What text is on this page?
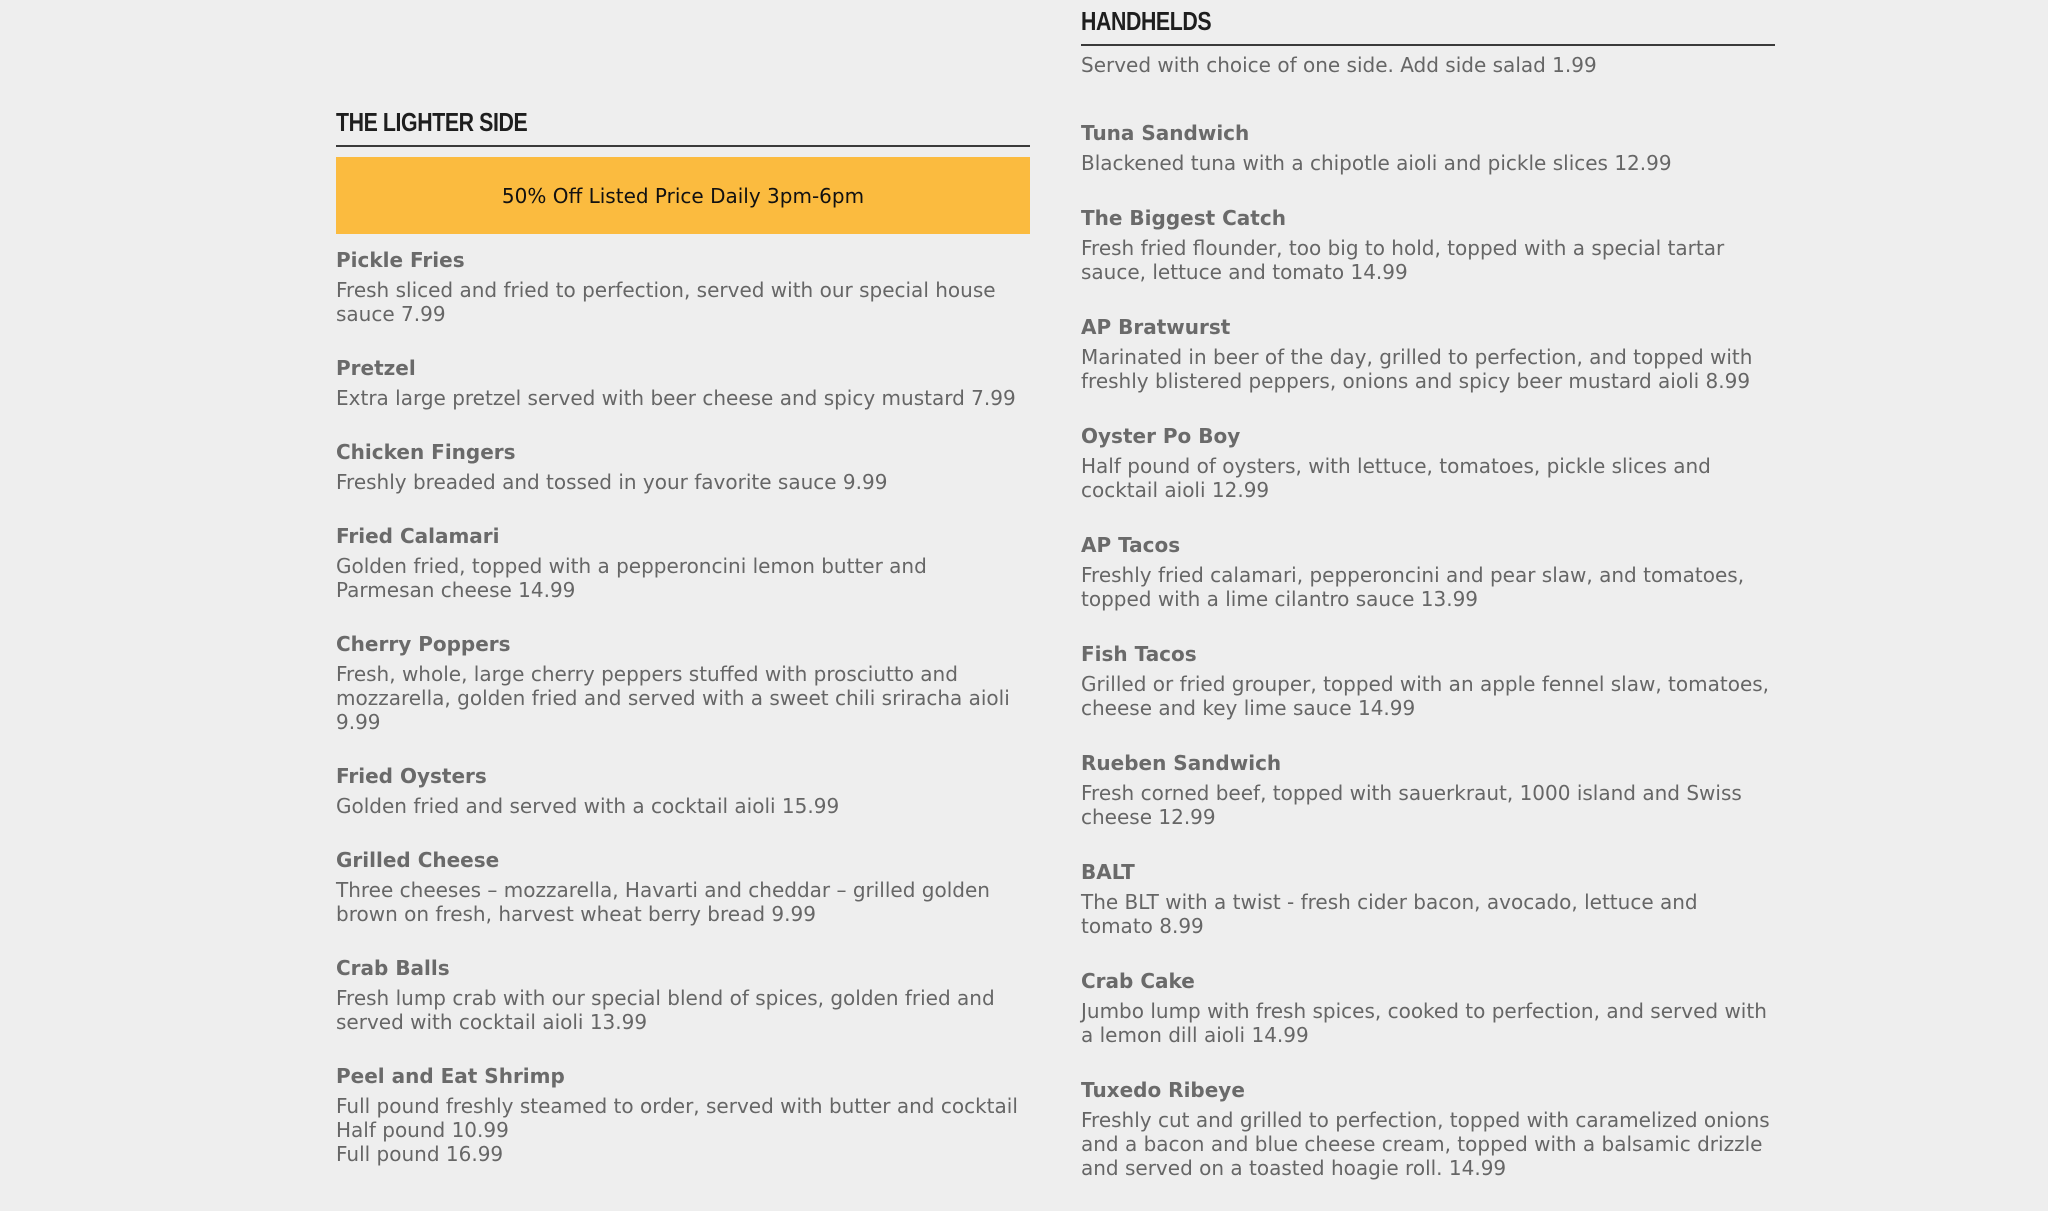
THE LIGHTER SIDE
50% Off Listed Price Daily 3pm-6pm
Pickle Fries
Fresh sliced and fried to perfection, served with our special house sauce 7.99
Pretzel
Extra large pretzel served with beer cheese and spicy mustard 7.99
Chicken Fingers
Freshly breaded and tossed in your favorite sauce 9.99
Fried Calamari
Golden fried, topped with a pepperoncini lemon butter and Parmesan cheese 14.99
Cherry Poppers
Fresh, whole, large cherry peppers stuffed with prosciutto and mozzarella, golden fried and served with a sweet chili sriracha aioli 9.99
Fried Oysters
Golden fried and served with a cocktail aioli 15.99
Grilled Cheese
Three cheeses – mozzarella, Havarti and cheddar – grilled golden brown on fresh, harvest wheat berry bread 9.99
Crab Balls
Fresh lump crab with our special blend of spices, golden fried and served with cocktail aioli 13.99
Peel and Eat Shrimp
Full pound freshly steamed to order, served with butter and cocktail Half pound 10.99
Full pound 16.99
HANDHELDS
Served with choice of one side. Add side salad 1.99
Tuna Sandwich
Blackened tuna with a chipotle aioli and pickle slices 12.99
The Biggest Catch
Fresh fried flounder, too big to hold, topped with a special tartar sauce, lettuce and tomato 14.99
AP Bratwurst
Marinated in beer of the day, grilled to perfection, and topped with freshly blistered peppers, onions and spicy beer mustard aioli 8.99
Oyster Po Boy
Half pound of oysters, with lettuce, tomatoes, pickle slices and cocktail aioli 12.99
AP Tacos
Freshly fried calamari, pepperoncini and pear slaw, and tomatoes, topped with a lime cilantro sauce 13.99
Fish Tacos
Grilled or fried grouper, topped with an apple fennel slaw, tomatoes, cheese and key lime sauce 14.99
Rueben Sandwich
Fresh corned beef, topped with sauerkraut, 1000 island and Swiss cheese 12.99
BALT
The BLT with a twist - fresh cider bacon, avocado, lettuce and tomato 8.99
Crab Cake
Jumbo lump with fresh spices, cooked to perfection, and served with a lemon dill aioli 14.99
Tuxedo Ribeye
Freshly cut and grilled to perfection, topped with caramelized onions and a bacon and blue cheese cream, topped with a balsamic drizzle and served on a toasted hoagie roll. 14.99
